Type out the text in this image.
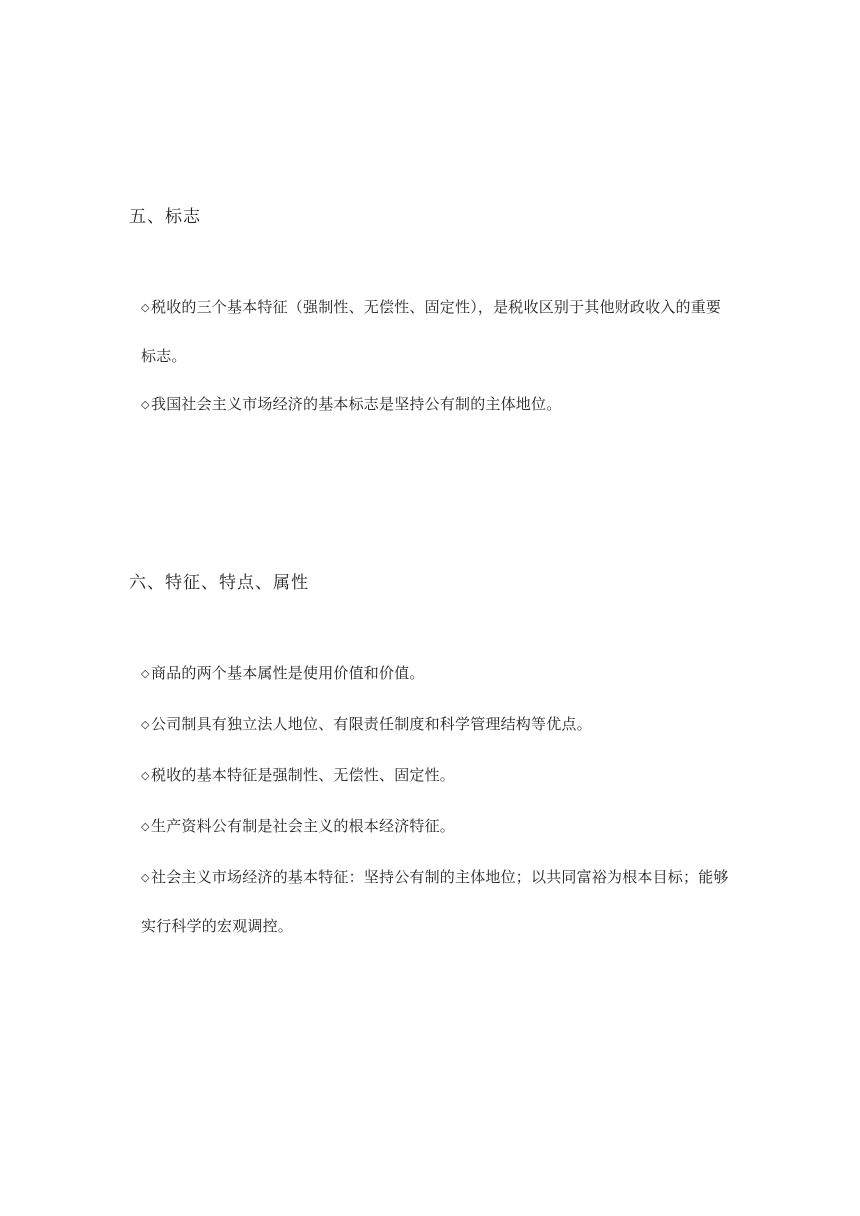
五、标志

◇税收的三个基本特征（强制性、无偿性、固定性），是税收区别于其他财政收入的重要标志。

◇我国社会主义市场经济的基本标志是坚持公有制的主体地位。

六、特征、特点、属性

◇商品的两个基本属性是使用价值和价值。

◇公司制具有独立法人地位、有限责任制度和科学管理结构等优点。

◇税收的基本特征是强制性、无偿性、固定性。

◇生产资料公有制是社会主义的根本经济特征。

◇社会主义市场经济的基本特征：坚持公有制的主体地位；以共同富裕为根本目标；能够实行科学的宏观调控。
